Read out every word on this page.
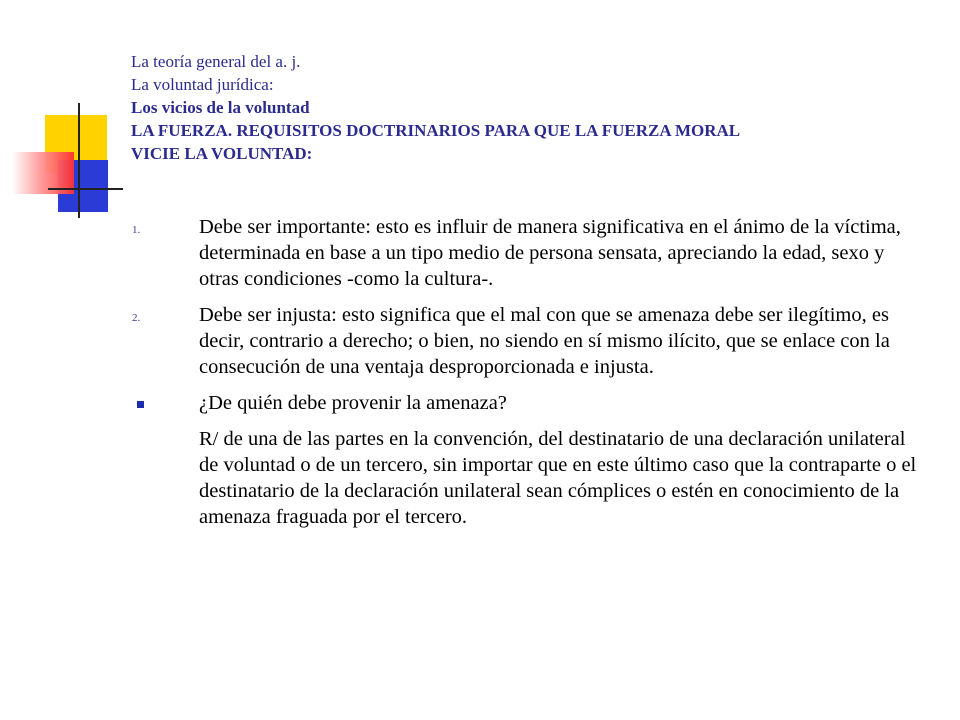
La teoría general del a. j.
La voluntad jurídica:
Los vicios de la voluntad
LA FUERZA. REQUISITOS DOCTRINARIOS PARA QUE LA FUERZA MORAL
VICIE LA VOLUNTAD:
1.	Debe ser importante: esto es influir de manera significativa en el ánimo de la víctima, determinada en base a un tipo medio de persona sensata, apreciando la edad, sexo y otras condiciones -como la cultura-.
2.	Debe ser injusta: esto significa que el mal con que se amenaza debe ser ilegítimo, es decir, contrario a derecho; o bien, no siendo en sí mismo ilícito, que se enlace con la consecución de una ventaja desproporcionada e injusta.
¿De quién debe provenir la amenaza?
R/ de una de las partes en la convención, del destinatario de una declaración unilateral de voluntad o de un tercero, sin importar que en este último caso que la contraparte o el destinatario de la declaración unilateral sean cómplices o estén en conocimiento de la amenaza fraguada por el tercero.
